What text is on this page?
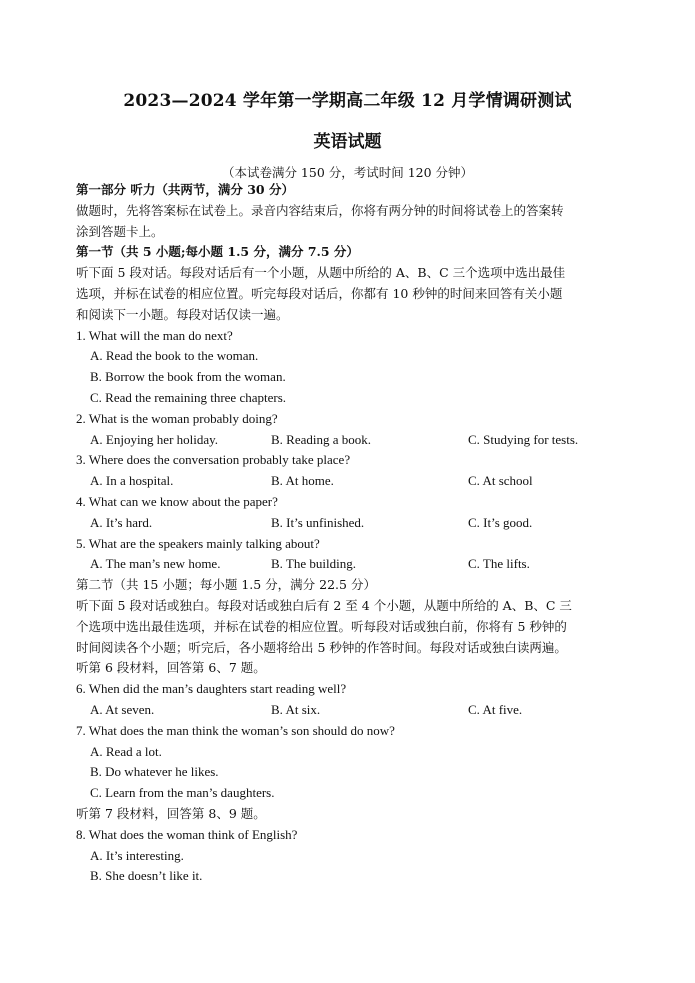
2023—2024 学年第一学期高二年级 12 月学情调研测试
英语试题
（本试卷满分 150 分，考试时间 120 分钟）
第一部分 听力（共两节，满分 30 分）
做题时，先将答案标在试卷上。录音内容结束后，你将有两分钟的时间将试卷上的答案转
涂到答题卡上。
第一节（共 5 小题;每小题 1.5 分，满分 7.5 分）
听下面 5 段对话。每段对话后有一个小题，从题中所给的 A、B、C 三个选项中选出最佳
选项，并标在试卷的相应位置。听完每段对话后，你都有 10 秒钟的时间来回答有关小题
和阅读下一小题。每段对话仅读一遍。
1. What will the man do next?
A. Read the book to the woman.
B. Borrow the book from the woman.
C. Read the remaining three chapters.
2. What is the woman probably doing?
A. Enjoying her holiday.	B. Reading a book.	C. Studying for tests.
3. Where does the conversation probably take place?
A. In a hospital.	B. At home.	C. At school
4. What can we know about the paper?
A. It’s hard.	B. It’s unfinished.	C. It’s good.
5. What are the speakers mainly talking about?
A. The man’s new home.	B. The building.	C. The lifts.
第二节（共 15 小题；每小题 1.5 分，满分 22.5 分）
听下面 5 段对话或独白。每段对话或独白后有 2 至 4 个小题，从题中所给的 A、B、C 三
个选项中选出最佳选项，并标在试卷的相应位置。听每段对话或独白前，你将有 5 秒钟的
时间阅读各个小题；听完后，各小题将给出 5 秒钟的作答时间。每段对话或独白读两遍。
听第 6 段材料，回答第 6、7 题。
6. When did the man’s daughters start reading well?
A. At seven.	B. At six.	C. At five.
7. What does the man think the woman’s son should do now?
A. Read a lot.
B. Do whatever he likes.
C. Learn from the man’s daughters.
听第 7 段材料，回答第 8、9 题。
8. What does the woman think of English?
A. It’s interesting.
B. She doesn’t like it.
